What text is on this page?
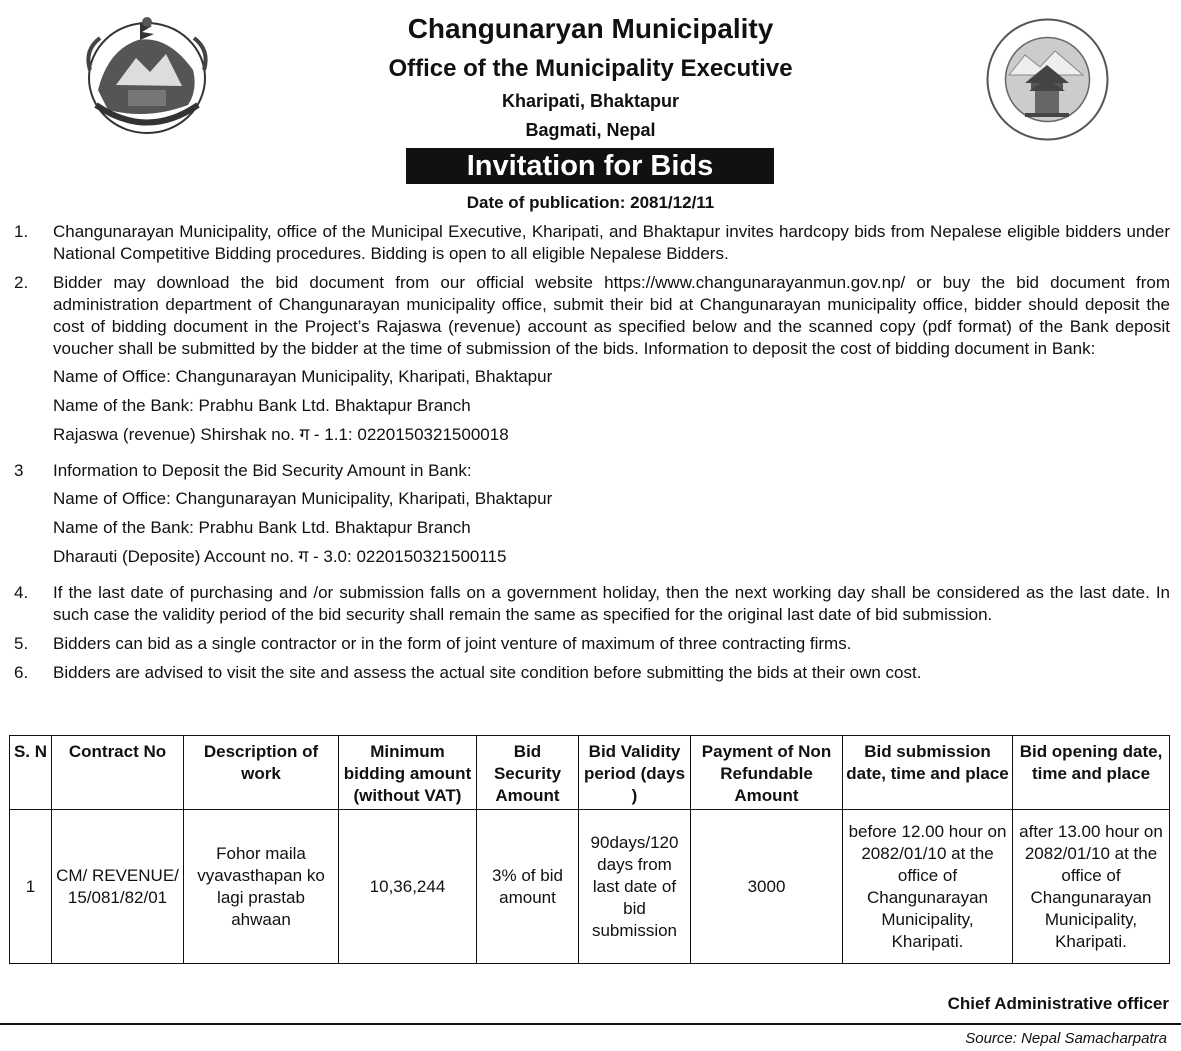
Changunaryan Municipality
Office of the Municipality Executive
Kharipati, Bhaktapur
Bagmati, Nepal
Invitation for Bids
Date of publication: 2081/12/11
1.	Changunarayan Municipality, office of the Municipal Executive, Kharipati, and Bhaktapur invites hardcopy bids from Nepalese eligible bidders under National Competitive Bidding procedures. Bidding is open to all eligible Nepalese Bidders.
2.	Bidder may download the bid document from our official website https://www.changunarayanmun.gov.np/ or buy the bid document from administration department of Changunarayan municipality office, submit their bid at Changunarayan municipality office, bidder should deposit the cost of bidding document in the Project’s Rajaswa (revenue) account as specified below and the scanned copy (pdf format) of the Bank deposit voucher shall be submitted by the bidder at the time of submission of the bids. Information to deposit the cost of bidding document in Bank:
Name of Office: Changunarayan Municipality, Kharipati, Bhaktapur
Name of the Bank: Prabhu Bank Ltd. Bhaktapur Branch
Rajaswa (revenue) Shirshak no. ग - 1.1: 0220150321500018
3	Information to Deposit the Bid Security Amount in Bank:
Name of Office: Changunarayan Municipality, Kharipati, Bhaktapur
Name of the Bank: Prabhu Bank Ltd. Bhaktapur Branch
Dharauti (Deposite) Account no. ग - 3.0: 0220150321500115
4.	If the last date of purchasing and /or submission falls on a government holiday, then the next working day shall be considered as the last date. In such case the validity period of the bid security shall remain the same as specified for the original last date of bid submission.
5.	Bidders can bid as a single contractor or in the form of joint venture of maximum of three contracting firms.
6.	Bidders are advised to visit the site and assess the actual site condition before submitting the bids at their own cost.
S. N	Contract No	Description of work	Minimum bidding amount (without VAT)	Bid Security Amount	Bid Validity period (days )	Payment of Non Refundable Amount	Bid submission date, time and place	Bid opening date, time and place
1	CM/ REVENUE/ 15/081/82/01	Fohor maila vyavasthapan ko lagi prastab ahwaan	10,36,244	3% of bid amount	90days/120 days from last date of bid submission	3000	before 12.00 hour on 2082/01/10 at the office of Changunarayan Municipality, Kharipati.	after 13.00 hour on 2082/01/10 at the office of Changunarayan Municipality, Kharipati.
Chief Administrative officer
Source: Nepal Samacharpatra
